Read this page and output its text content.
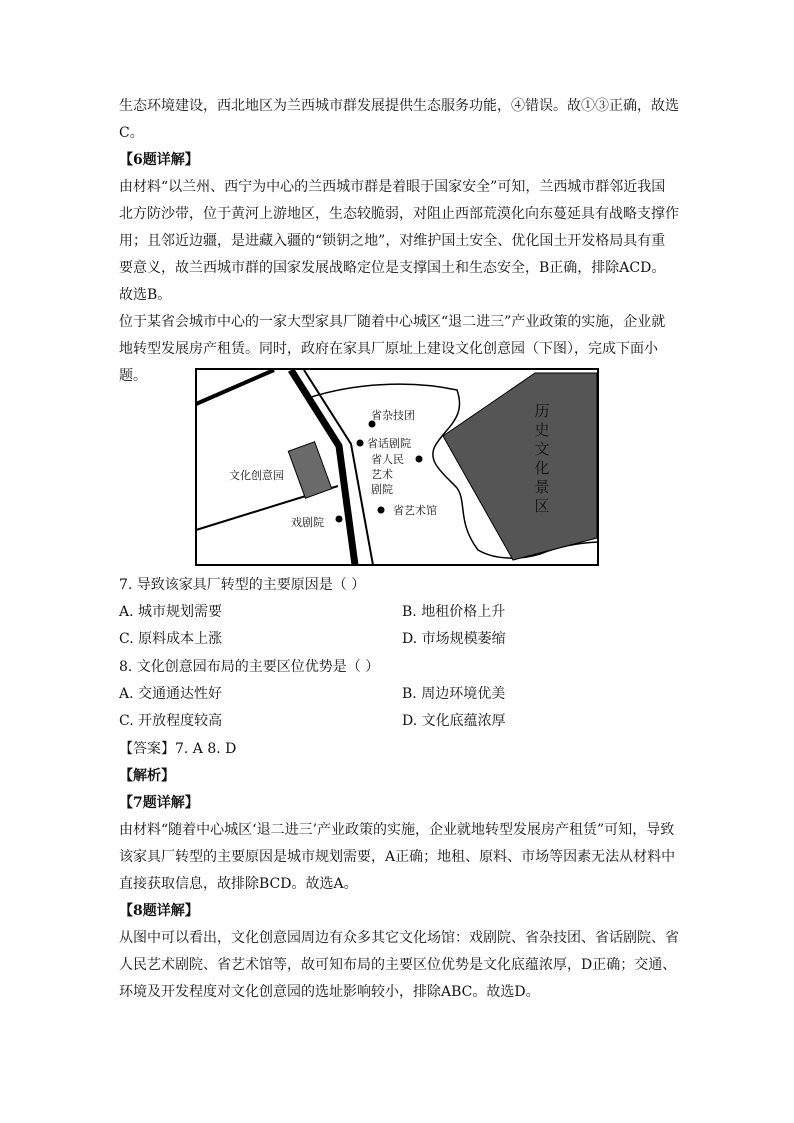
生态环境建设，西北地区为兰西城市群发展提供生态服务功能，④错误。故①③正确，故选C。

【6题详解】

由材料“以兰州、西宁为中心的兰西城市群是着眼于国家安全”可知，兰西城市群邻近我国北方防沙带，位于黄河上游地区，生态较脆弱，对阻止西部荒漠化向东蔓延具有战略支撑作用；且邻近边疆，是进藏入疆的“锁钥之地”，对维护国土安全、优化国土开发格局具有重要意义，故兰西城市群的国家发展战略定位是支撑国土和生态安全，B正确，排除ACD。故选B。

位于某省会城市中心的一家大型家具厂随着中心城区“退二进三”产业政策的实施，企业就地转型发展房产租赁。同时，政府在家具厂原址上建设文化创意园（下图），完成下面小题。

省杂技团
省话剧院
省人民
艺术
剧院
省艺术馆
戏剧院
文化创意园
历
史
文
化
景
区

7. 导致该家具厂转型的主要原因是（ ）

A. 城市规划需要	B. 地租价格上升
C. 原料成本上涨	D. 市场规模萎缩

8. 文化创意园布局的主要区位优势是（ ）

A. 交通通达性好	B. 周边环境优美
C. 开放程度较高	D. 文化底蕴浓厚

【答案】7. A 8. D

【解析】

【7题详解】

由材料“随着中心城区‘退二进三’产业政策的实施，企业就地转型发展房产租赁”可知，导致该家具厂转型的主要原因是城市规划需要，A正确；地租、原料、市场等因素无法从材料中直接获取信息，故排除BCD。故选A。

【8题详解】

从图中可以看出，文化创意园周边有众多其它文化场馆：戏剧院、省杂技团、省话剧院、省人民艺术剧院、省艺术馆等，故可知布局的主要区位优势是文化底蕴浓厚，D正确；交通、环境及开发程度对文化创意园的选址影响较小，排除ABC。故选D。
